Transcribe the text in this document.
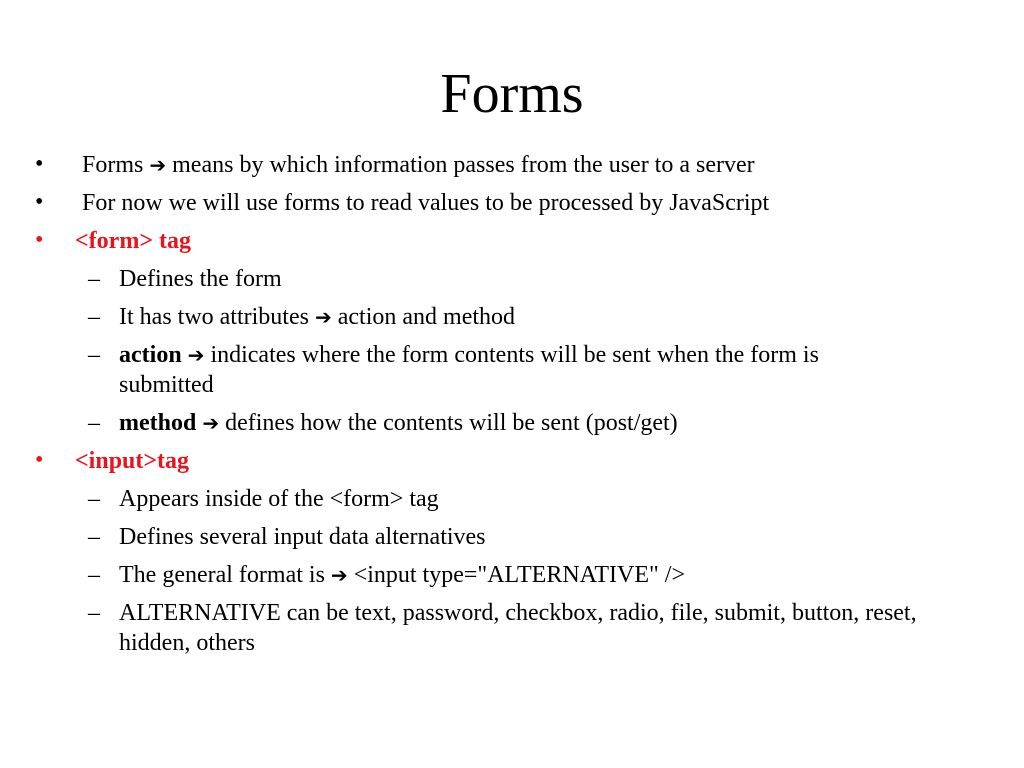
Forms
• Forms ➔ means by which information passes from the user to a server
• For now we will use forms to read values to be processed by JavaScript
• <form> tag
– Defines the form
– It has two attributes ➔ action and method
– action ➔ indicates where the form contents will be sent when the form is submitted
– method ➔ defines how the contents will be sent (post/get)
• <input>tag
– Appears inside of the <form> tag
– Defines several input data alternatives
– The general format is ➔ <input type="ALTERNATIVE" />
– ALTERNATIVE can be text, password, checkbox, radio, file, submit, button, reset, hidden, others
